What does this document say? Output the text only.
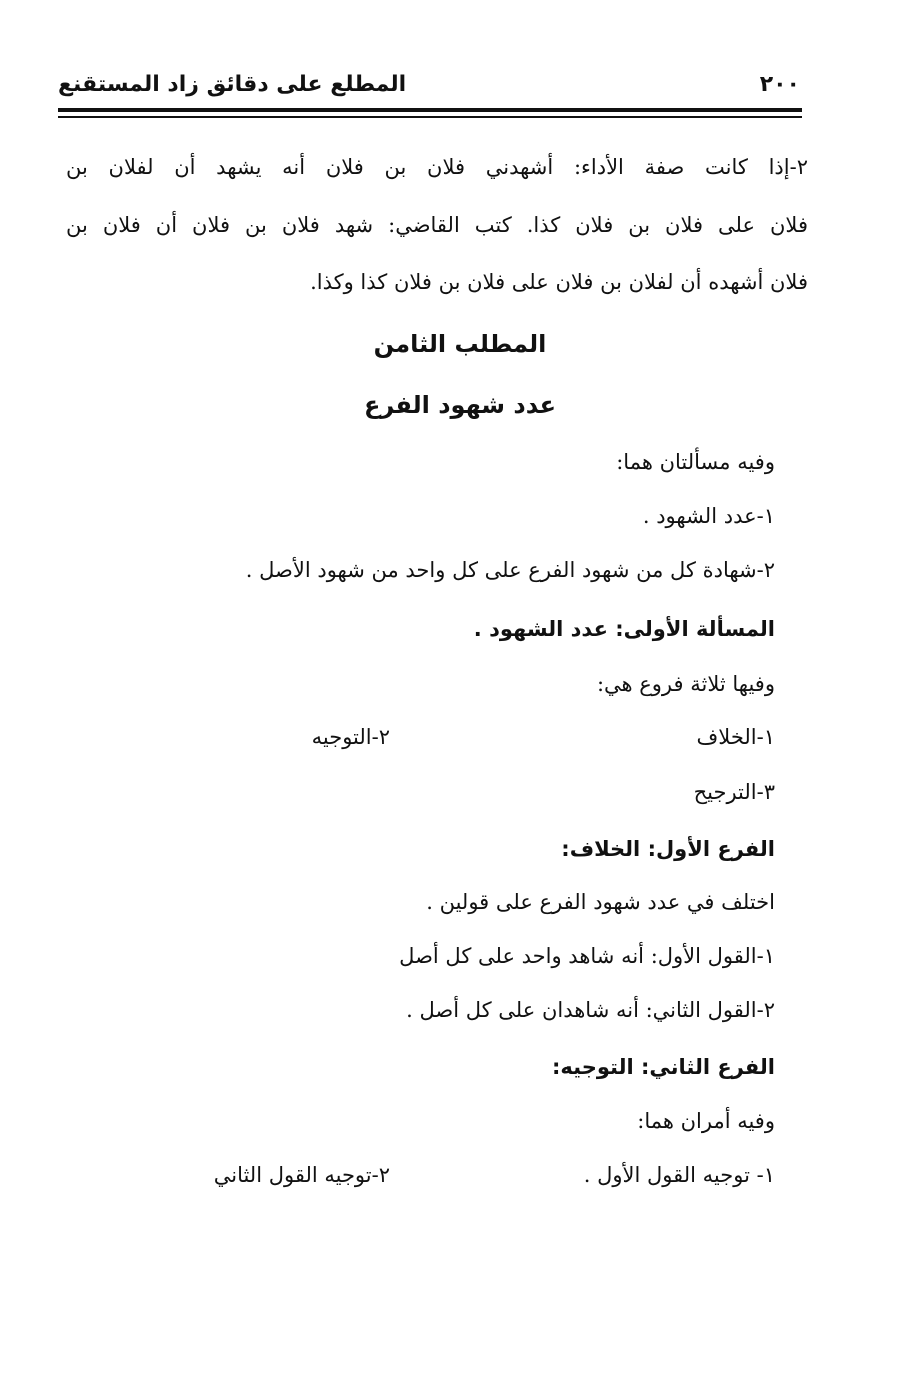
المطلع على دقائق زاد المستقنع	٢٠٠
٢-إذا كانت صفة الأداء: أشهدني فلان بن فلان أنه يشهد أن لفلان بن
فلان على فلان بن فلان كذا. كتب القاضي: شهد فلان بن فلان أن فلان بن
فلان أشهده أن لفلان بن فلان على فلان بن فلان كذا وكذا.
المطلب الثامن
عدد شهود الفرع
وفيه مسألتان هما:
١-عدد الشهود .
٢-شهادة كل من شهود الفرع على كل واحد من شهود الأصل .
المسألة الأولى: عدد الشهود .
وفيها ثلاثة فروع هي:
١-الخلاف
٢-التوجيه
٣-الترجيح
الفرع الأول: الخلاف:
اختلف في عدد شهود الفرع على قولين .
١-القول الأول: أنه شاهد واحد على كل أصل
٢-القول الثاني: أنه شاهدان على كل أصل .
الفرع الثاني: التوجيه:
وفيه أمران هما:
١- توجيه القول الأول .
٢-توجيه القول الثاني
